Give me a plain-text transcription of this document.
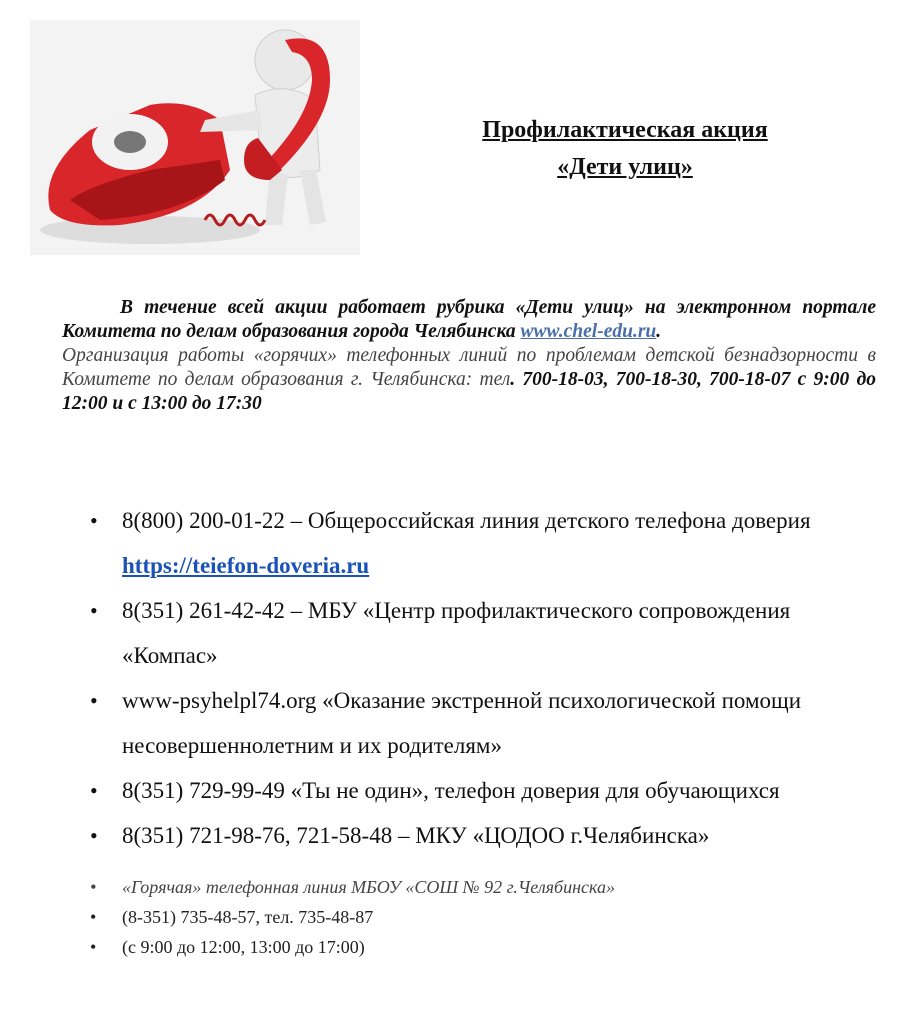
Профилактическая акция
«Дети улиц»

В течение всей акции работает рубрика «Дети улиц» на электронном портале Комитета по делам образования города Челябинска www.chel-edu.ru.

Организация работы «горячих» телефонных линий по проблемам детской безнадзорности в Комитете по делам образования г. Челябинска: тел. 700-18-03, 700-18-30, 700-18-07 с 9:00 до 12:00 и с 13:00 до 17:30

• 8(800) 200-01-22 – Общероссийская линия детского телефона доверияhttps://teiefon-doveria.ru
• 8(351) 261-42-42 – МБУ «Центр профилактического сопровождения «Компас»
• www-psyhelpl74.org «Оказание экстренной психологической помощи несовершеннолетним и их родителям»
• 8(351) 729-99-49 «Ты не один», телефон доверия для обучающихся
• 8(351) 721-98-76, 721-58-48 – МКУ «ЦОДОО г.Челябинска»
• «Горячая» телефонная линия МБОУ «СОШ № 92 г.Челябинска»
• (8-351) 735-48-57, тел. 735-48-87
• (с 9:00 до 12:00, 13:00 до 17:00)
